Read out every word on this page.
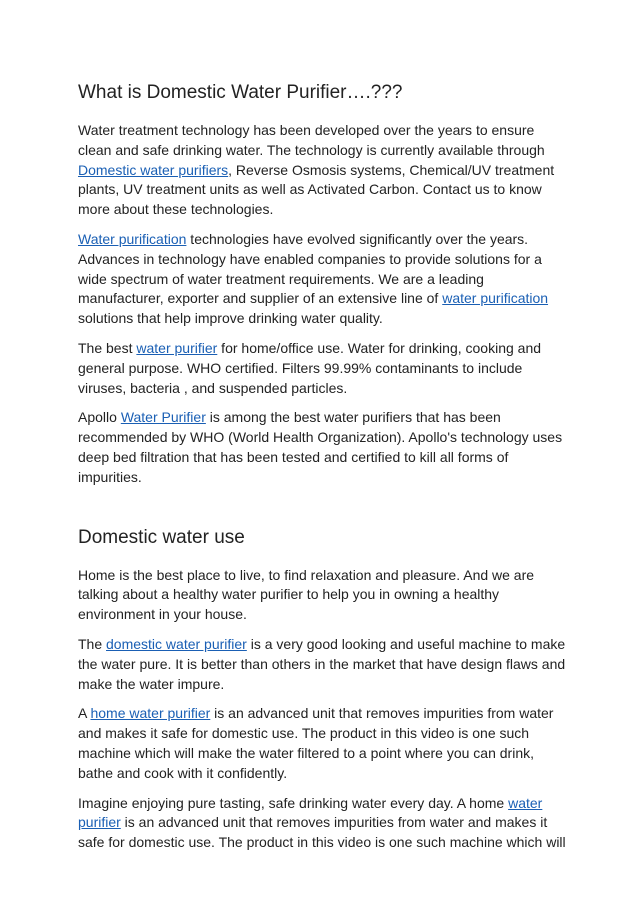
What is Domestic Water Purifier….???

Water treatment technology has been developed over the years to ensure clean and safe drinking water. The technology is currently available through Domestic water purifiers, Reverse Osmosis systems, Chemical/UV treatment plants, UV treatment units as well as Activated Carbon. Contact us to know more about these technologies.

Water purification technologies have evolved significantly over the years. Advances in technology have enabled companies to provide solutions for a wide spectrum of water treatment requirements. We are a leading manufacturer, exporter and supplier of an extensive line of water purification solutions that help improve drinking water quality.

The best water purifier for home/office use. Water for drinking, cooking and general purpose. WHO certified. Filters 99.99% contaminants to include viruses, bacteria , and suspended particles.

Apollo Water Purifier is among the best water purifiers that has been recommended by WHO (World Health Organization). Apollo's technology uses deep bed filtration that has been tested and certified to kill all forms of impurities.

Domestic water use

Home is the best place to live, to find relaxation and pleasure. And we are talking about a healthy water purifier to help you in owning a healthy environment in your house.

The domestic water purifier is a very good looking and useful machine to make the water pure. It is better than others in the market that have design flaws and make the water impure.

A home water purifier is an advanced unit that removes impurities from water and makes it safe for domestic use. The product in this video is one such machine which will make the water filtered to a point where you can drink, bathe and cook with it confidently.

Imagine enjoying pure tasting, safe drinking water every day. A home water purifier is an advanced unit that removes impurities from water and makes it safe for domestic use. The product in this video is one such machine which will
